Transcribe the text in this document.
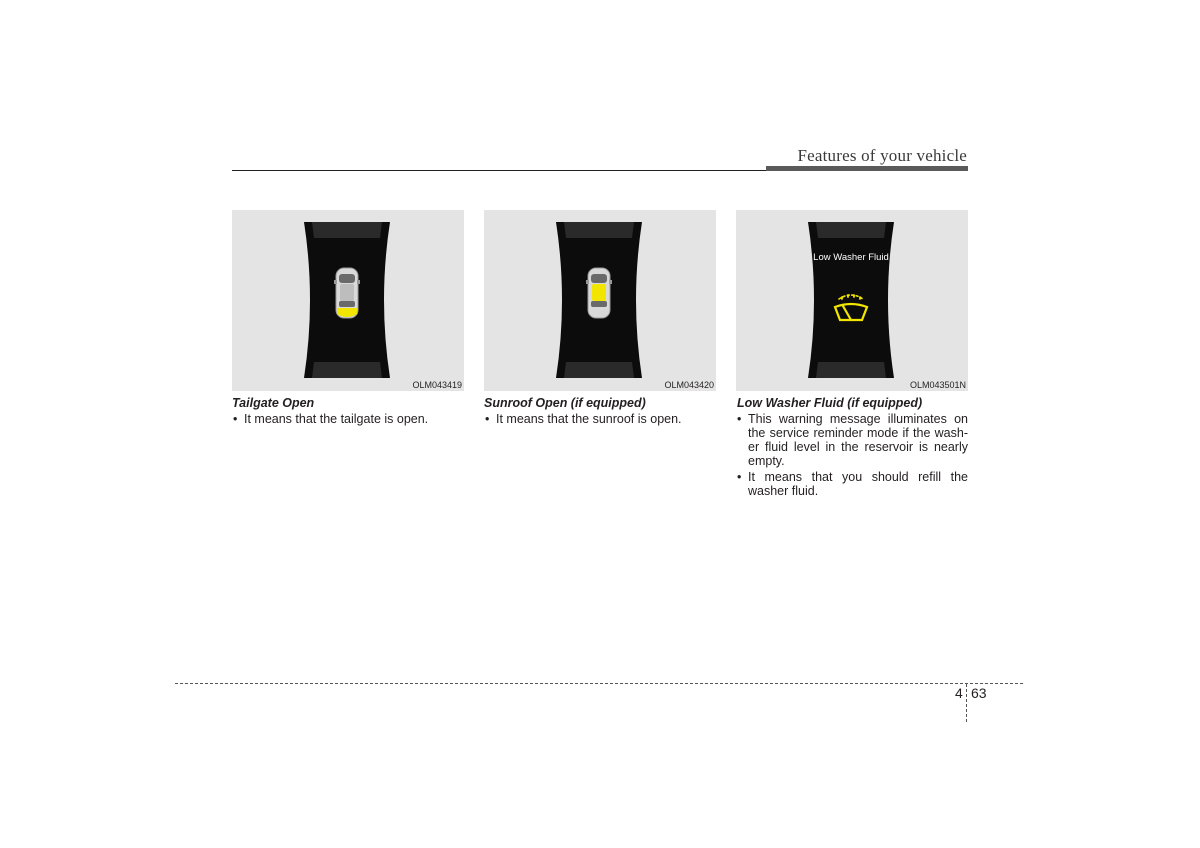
Features of your vehicle
OLM043419
Tailgate Open
• It means that the tailgate is open.
OLM043420
Sunroof Open (if equipped)
• It means that the sunroof is open.
Low Washer Fluid
OLM043501N
Low Washer Fluid (if equipped)
• This warning message illuminates on the service reminder mode if the washer fluid level in the reservoir is nearly empty.
• It means that you should refill the washer fluid.
4 63
